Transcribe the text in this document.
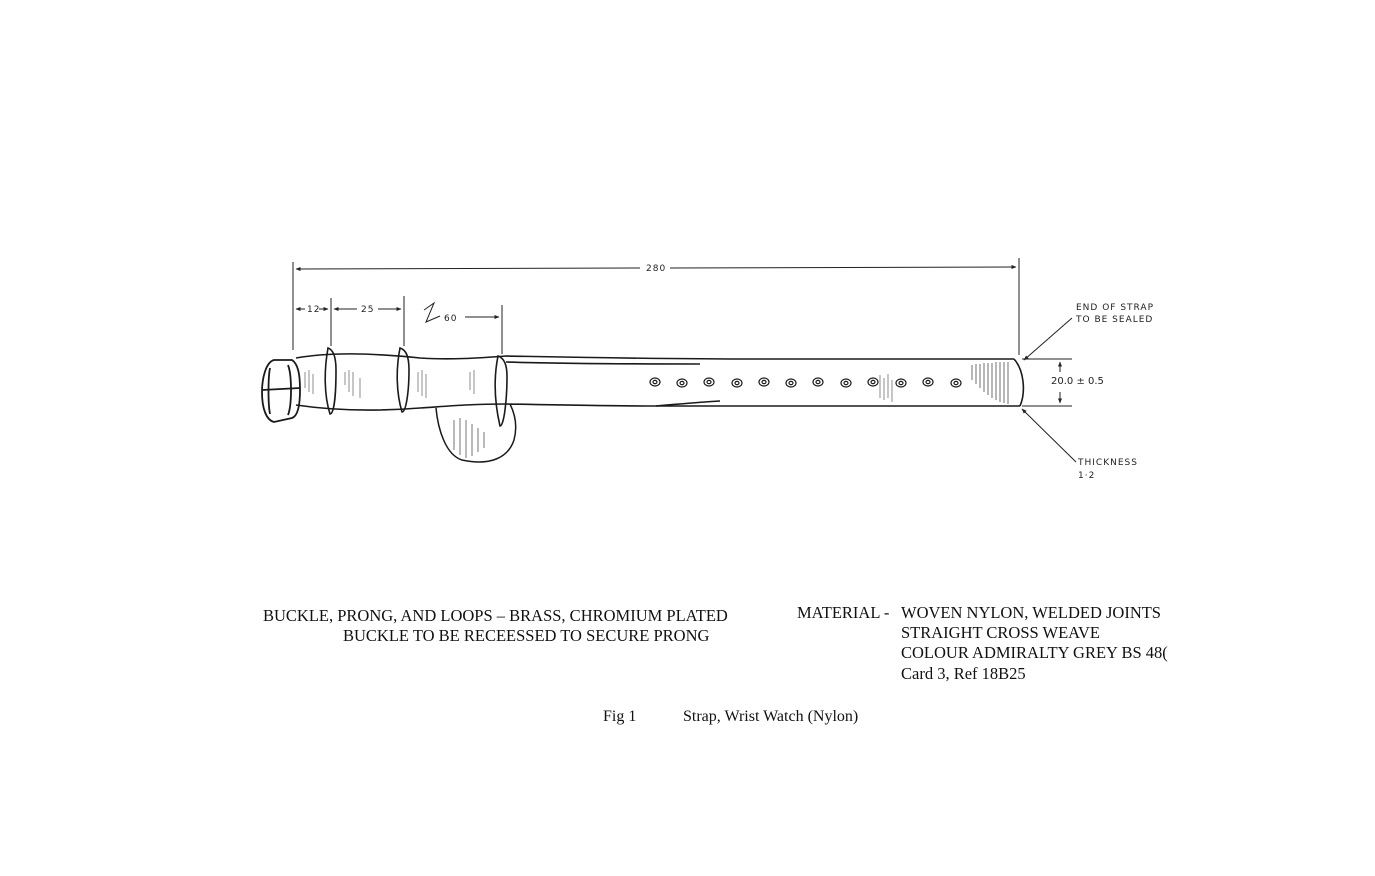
280
12	25
60
20.0 ± 0.5
END OF STRAP
TO BE SEALED
THICKNESS
1·2
BUCKLE, PRONG, AND LOOPS – BRASS, CHROMIUM PLATED
BUCKLE TO BE RECEESSED TO SECURE PRONG
MATERIAL - WOVEN NYLON, WELDED JOINTS
STRAIGHT CROSS WEAVE
COLOUR ADMIRALTY GREY BS 48(
Card 3, Ref 18B25
Fig 1	Strap, Wrist Watch (Nylon)
